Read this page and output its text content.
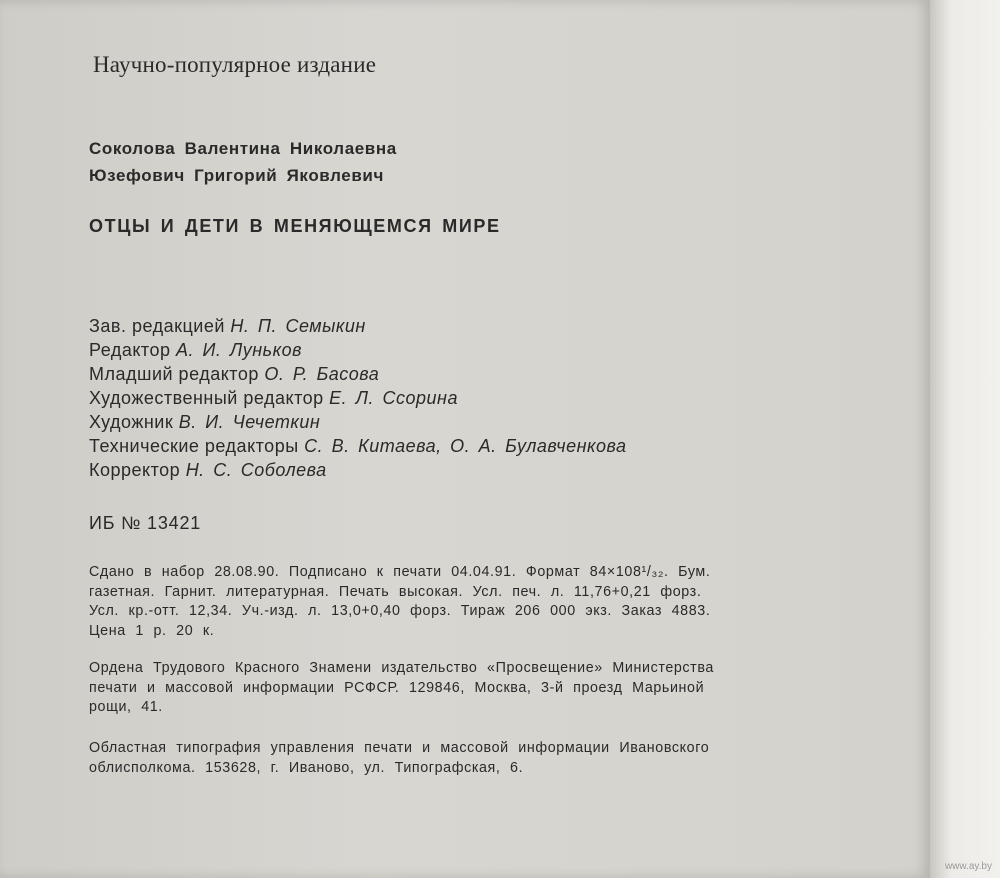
Научно-популярное издание
Соколова Валентина Николаевна
Юзефович Григорий Яковлевич
ОТЦЫ И ДЕТИ В МЕНЯЮЩЕМСЯ МИРЕ
Зав. редакцией Н. П. Семыкин
Редактор А. И. Луньков
Младший редактор О. Р. Басова
Художественный редактор Е. Л. Ссорина
Художник В. И. Чечеткин
Технические редакторы С. В. Китаева, О. А. Булавченкова
Корректор Н. С. Соболева
ИБ № 13421
Сдано в набор 28.08.90. Подписано к печати 04.04.91. Формат 84×108¹/₃₂. Бум.
газетная. Гарнит. литературная. Печать высокая. Усл. печ. л. 11,76+0,21 форз.
Усл. кр.-отт. 12,34. Уч.-изд. л. 13,0+0,40 форз. Тираж 206 000 экз. Заказ 4883.
Цена 1 р. 20 к.
Ордена Трудового Красного Знамени издательство «Просвещение» Министерства
печати и массовой информации РСФСР. 129846, Москва, 3-й проезд Марьиной
рощи, 41.
Областная типография управления печати и массовой информации Ивановского
облисполкома. 153628, г. Иваново, ул. Типографская, 6.
www.ay.by
